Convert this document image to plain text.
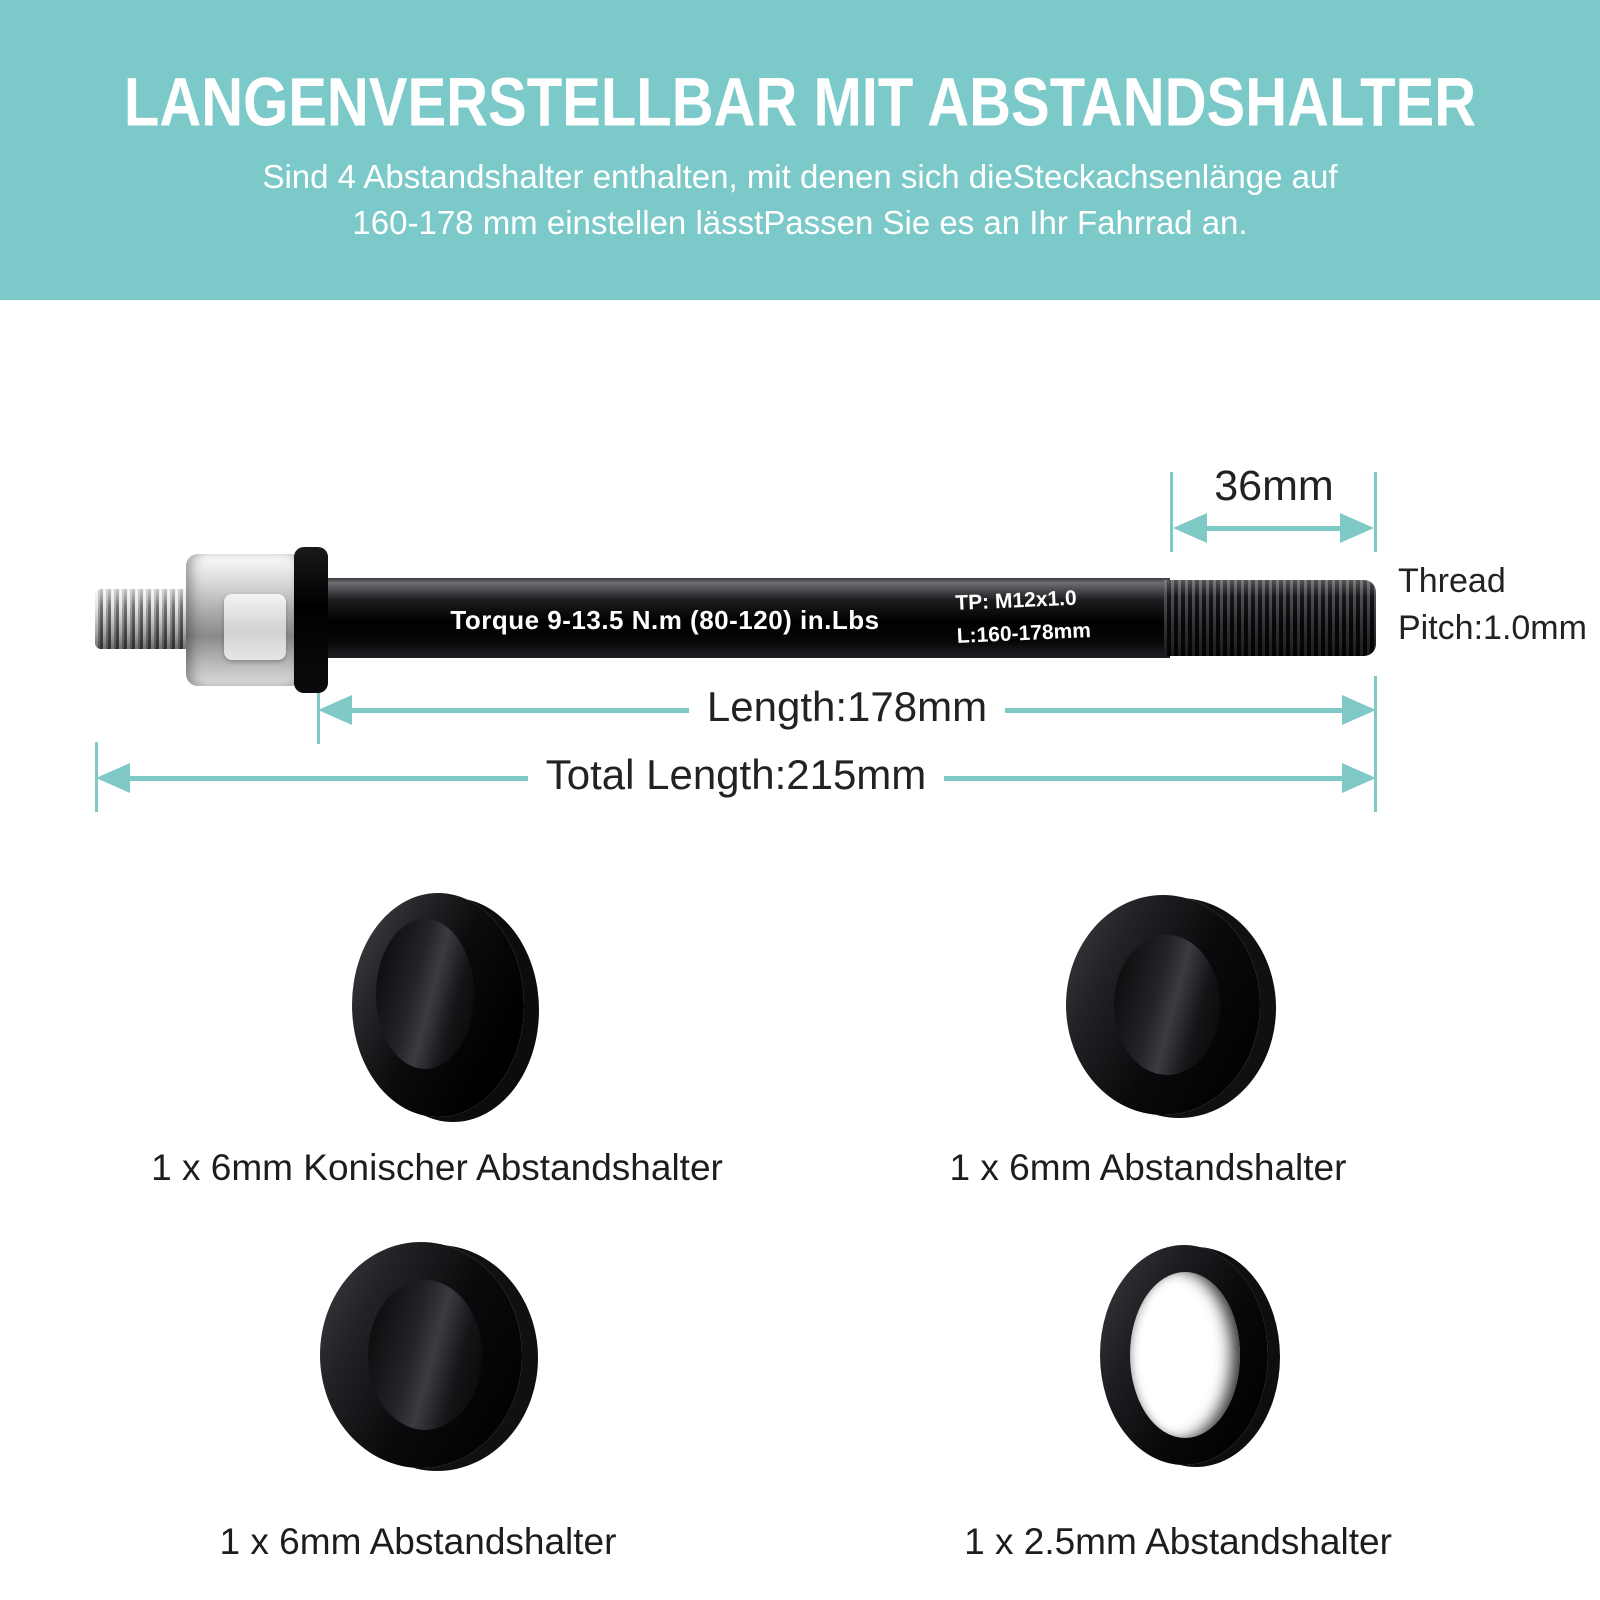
LANGENVERSTELLBAR MIT ABSTANDSHALTER

Sind 4 Abstandshalter enthalten, mit denen sich dieSteckachsenlänge auf

160-178 mm einstellen lässtPassen Sie es an Ihr Fahrrad an.

Torque 9-13.5 N.m (80-120) in.Lbs
TP: M12x1.0
L:160-178mm
36mm
Thread
Pitch:1.0mm
Length:178mm
Total Length:215mm
1 x 6mm Konischer Abstandshalter	1 x 6mm Abstandshalter
1 x 6mm Abstandshalter	1 x 2.5mm Abstandshalter
